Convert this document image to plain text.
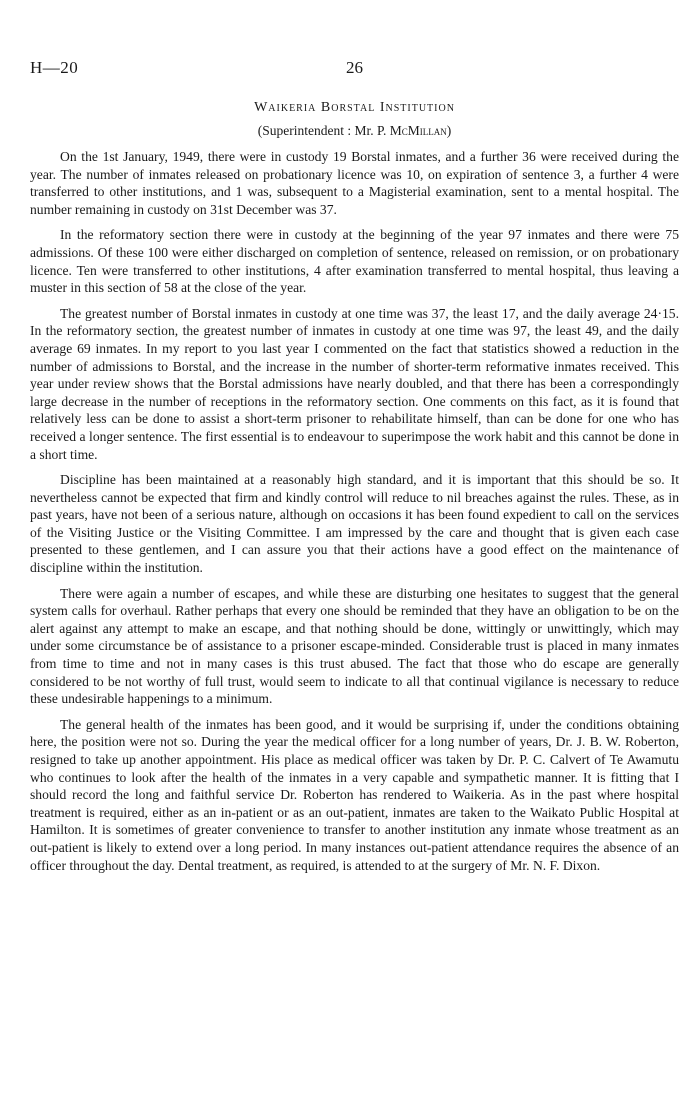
H—20	26
Waikeria Borstal Institution
(Superintendent : Mr. P. McMillan)

On the 1st January, 1949, there were in custody 19 Borstal inmates, and a further 36 were received during the year. The number of inmates released on probationary licence was 10, on expiration of sentence 3, a further 4 were transferred to other institutions, and 1 was, subsequent to a Magisterial examination, sent to a mental hospital. The number remaining in custody on 31st December was 37.

In the reformatory section there were in custody at the beginning of the year 97 inmates and there were 75 admissions. Of these 100 were either discharged on completion of sentence, released on remission, or on probationary licence. Ten were transferred to other institutions, 4 after examination transferred to mental hospital, thus leaving a muster in this section of 58 at the close of the year.

The greatest number of Borstal inmates in custody at one time was 37, the least 17, and the daily average 24·15. In the reformatory section, the greatest number of inmates in custody at one time was 97, the least 49, and the daily average 69 inmates. In my report to you last year I commented on the fact that statistics showed a reduction in the number of admissions to Borstal, and the increase in the number of shorter-term reformative inmates received. This year under review shows that the Borstal admissions have nearly doubled, and that there has been a correspondingly large decrease in the number of receptions in the reformatory section. One comments on this fact, as it is found that relatively less can be done to assist a short-term prisoner to rehabilitate himself, than can be done for one who has received a longer sentence. The first essential is to endeavour to superimpose the work habit and this cannot be done in a short time.

Discipline has been maintained at a reasonably high standard, and it is important that this should be so. It nevertheless cannot be expected that firm and kindly control will reduce to nil breaches against the rules. These, as in past years, have not been of a serious nature, although on occasions it has been found expedient to call on the services of the Visiting Justice or the Visiting Committee. I am impressed by the care and thought that is given each case presented to these gentlemen, and I can assure you that their actions have a good effect on the maintenance of discipline within the institution.

There were again a number of escapes, and while these are disturbing one hesitates to suggest that the general system calls for overhaul. Rather perhaps that every one should be reminded that they have an obligation to be on the alert against any attempt to make an escape, and that nothing should be done, wittingly or unwittingly, which may under some circumstance be of assistance to a prisoner escape-minded. Considerable trust is placed in many inmates from time to time and not in many cases is this trust abused. The fact that those who do escape are generally considered to be not worthy of full trust, would seem to indicate to all that continual vigilance is necessary to reduce these undesirable happenings to a minimum.

The general health of the inmates has been good, and it would be surprising if, under the conditions obtaining here, the position were not so. During the year the medical officer for a long number of years, Dr. J. B. W. Roberton, resigned to take up another appointment. His place as medical officer was taken by Dr. P. C. Calvert of Te Awamutu who continues to look after the health of the inmates in a very capable and sympathetic manner. It is fitting that I should record the long and faithful service Dr. Roberton has rendered to Waikeria. As in the past where hospital treatment is required, either as an in-patient or as an out-patient, inmates are taken to the Waikato Public Hospital at Hamilton. It is sometimes of greater convenience to transfer to another institution any inmate whose treatment as an out-patient is likely to extend over a long period. In many instances out-patient attendance requires the absence of an officer throughout the day. Dental treatment, as required, is attended to at the surgery of Mr. N. F. Dixon.
